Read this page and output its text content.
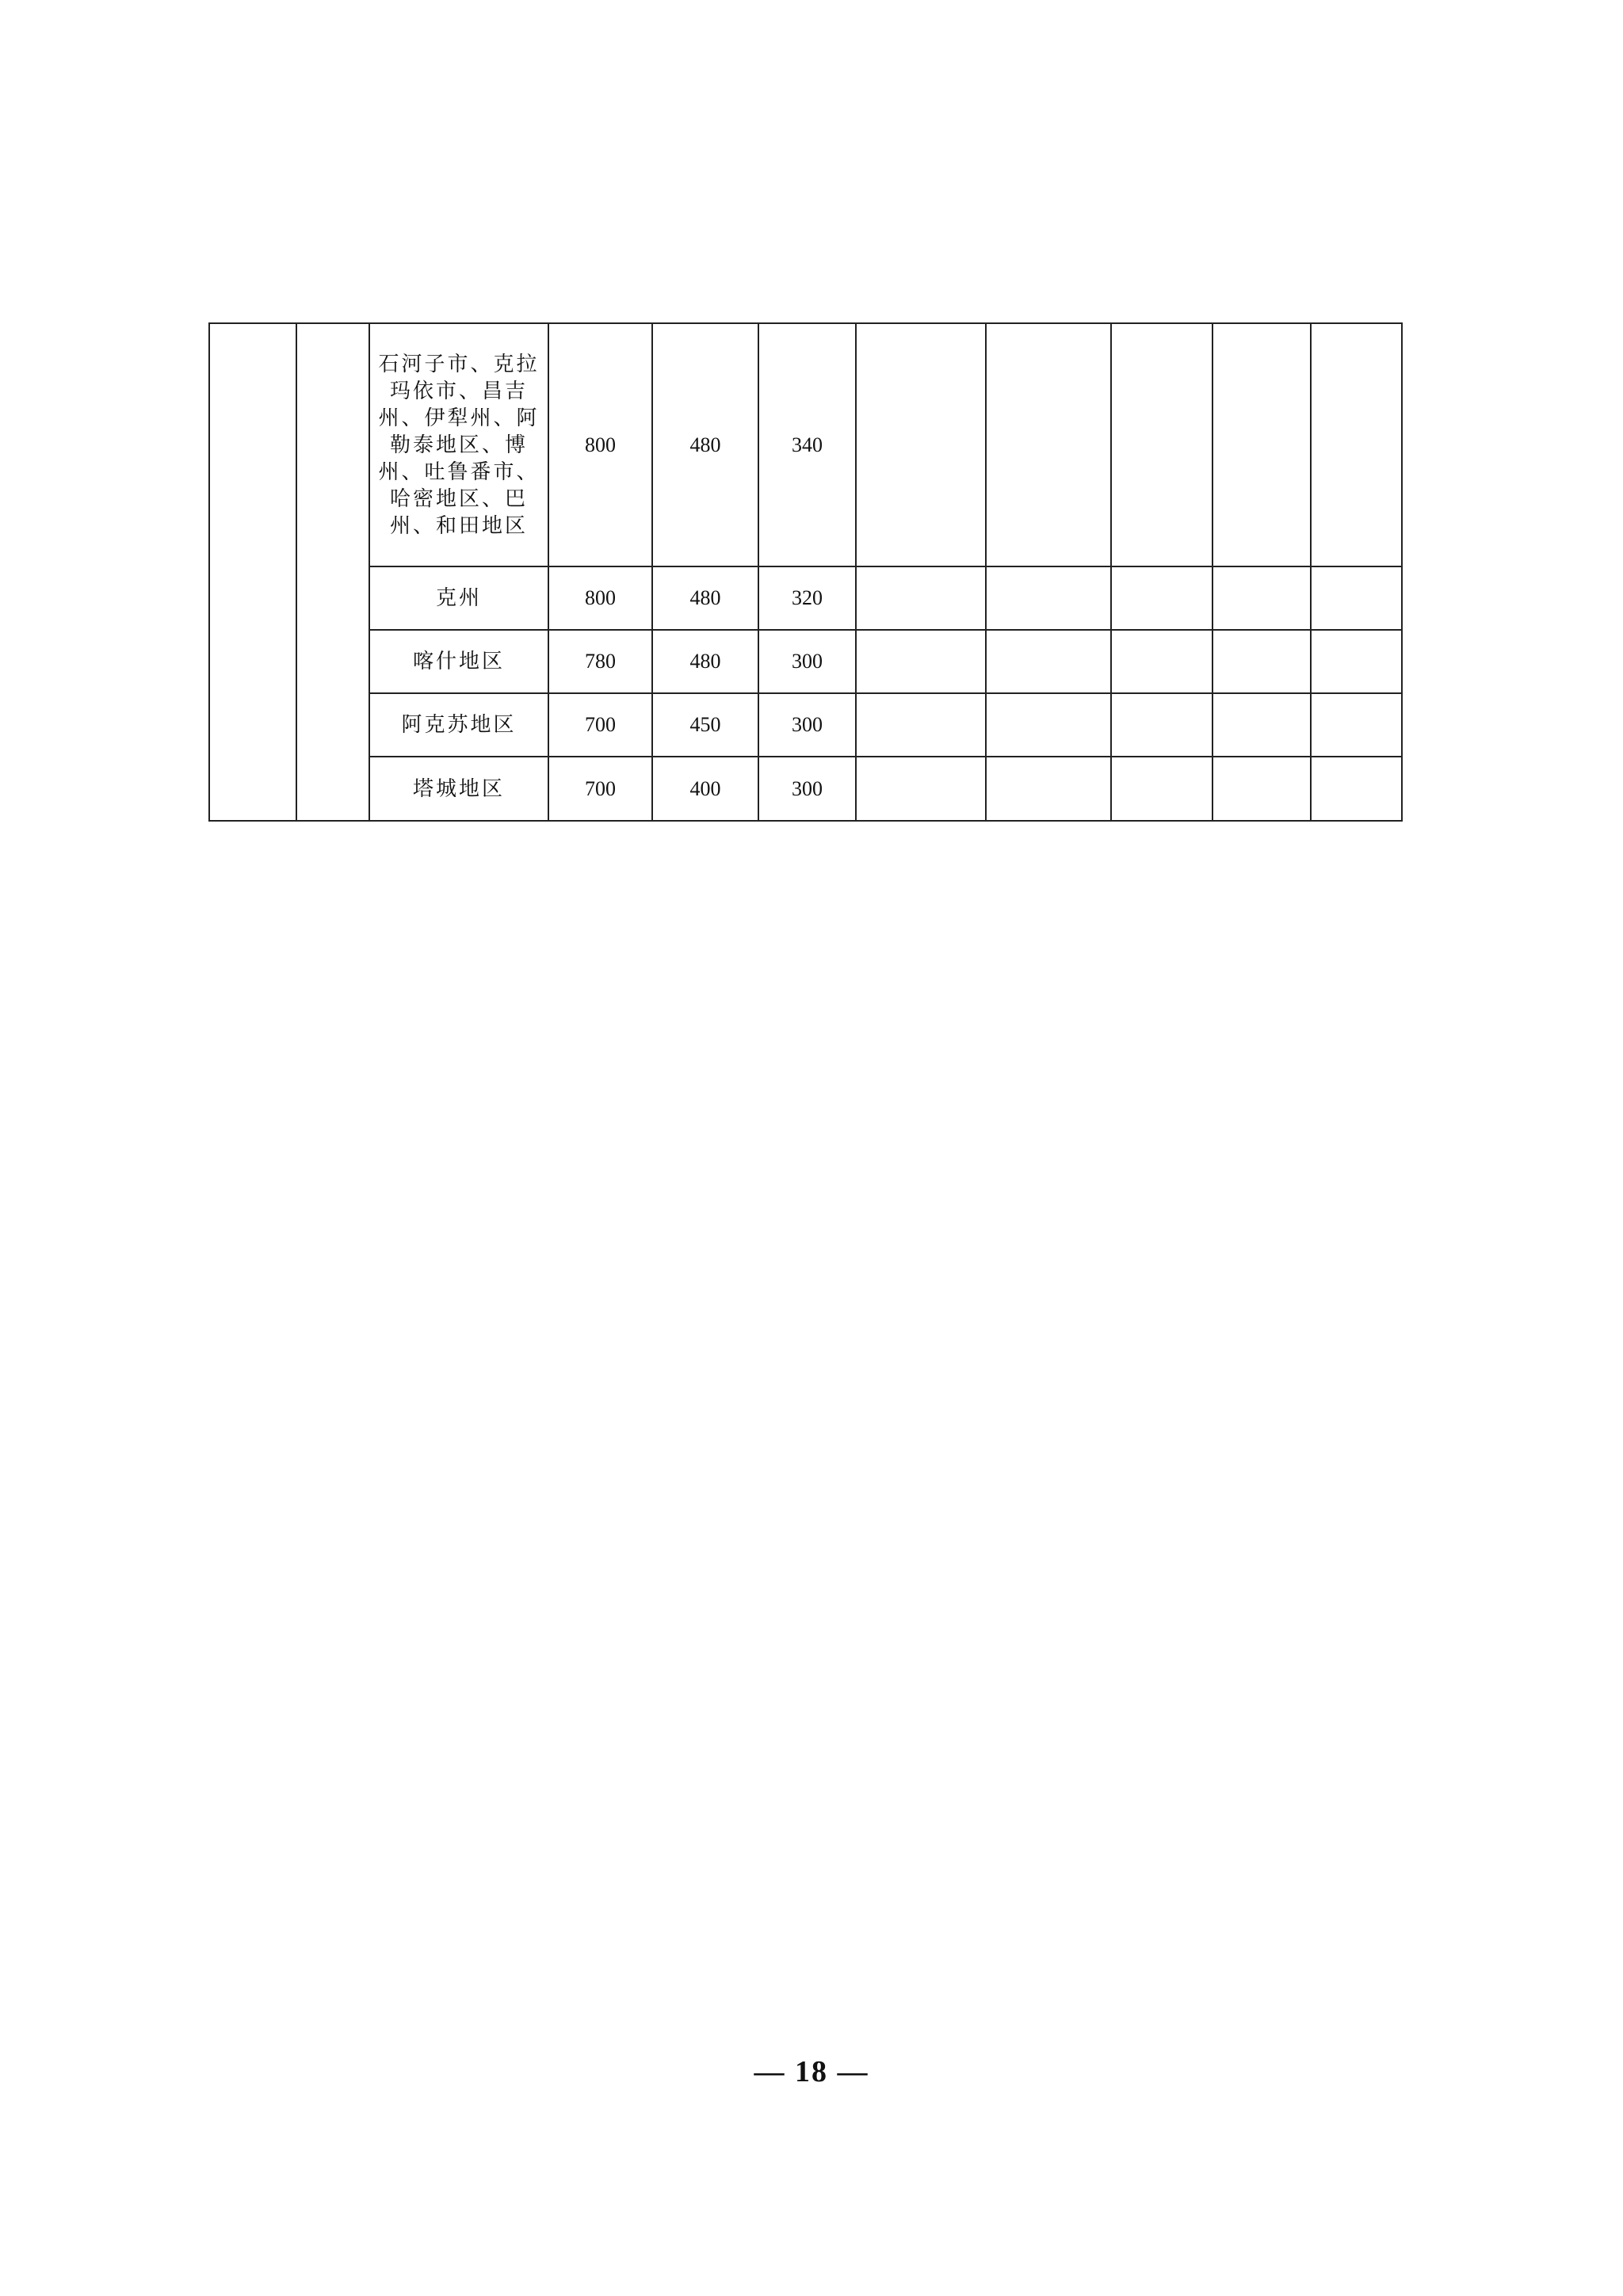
		石河子市、克拉玛依市、昌吉州、伊犁州、阿勒泰地区、博州、吐鲁番市、哈密地区、巴州、和田地区	800	480	340					
		克州	800	480	320					
		喀什地区	780	480	300					
		阿克苏地区	700	450	300					
		塔城地区	700	400	300					
— 18 —
